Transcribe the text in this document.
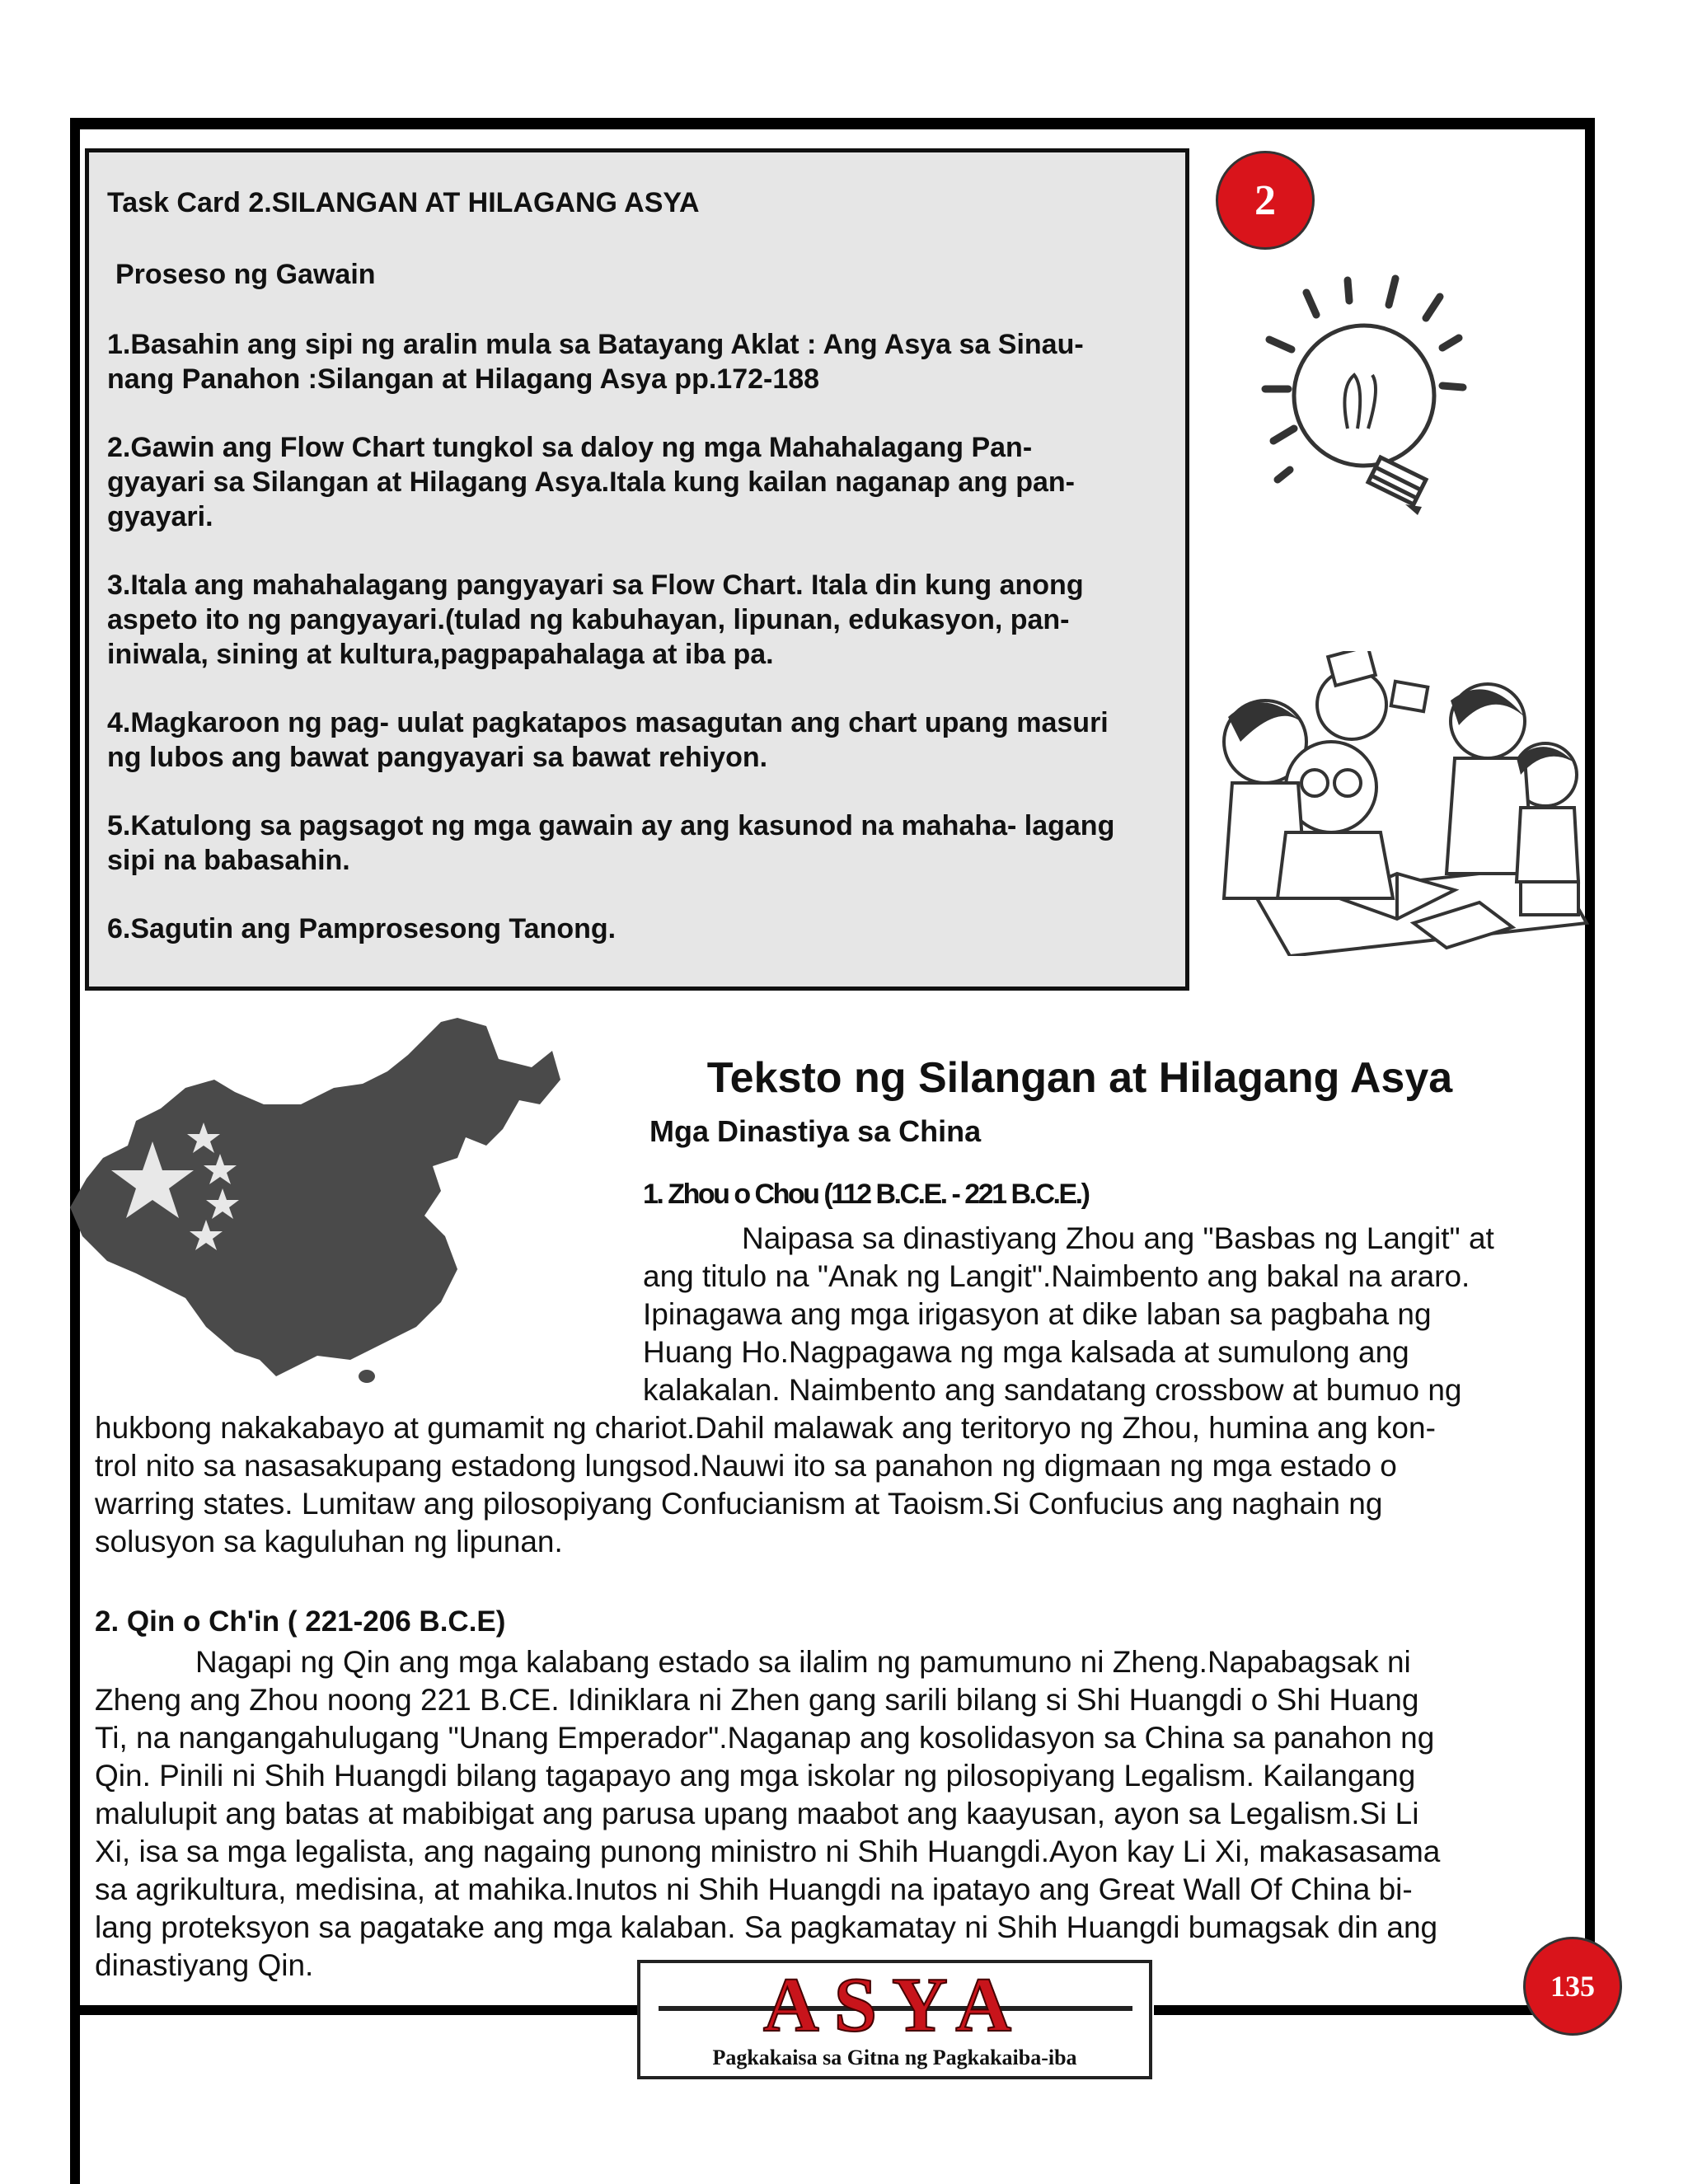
Task Card 2.SILANGAN AT HILAGANG ASYA
Proseso ng Gawain
1.Basahin ang sipi ng aralin mula sa Batayang Aklat : Ang Asya sa Sinau-
nang Panahon :Silangan at Hilagang Asya pp.172-188
2.Gawin ang Flow Chart tungkol sa daloy ng mga Mahahalagang Pan-
gyayari sa Silangan at Hilagang Asya.Itala kung kailan naganap ang pan-
gyayari.
3.Itala ang mahahalagang pangyayari sa Flow Chart. Itala din kung anong
aspeto ito ng pangyayari.(tulad ng kabuhayan, lipunan, edukasyon, pan-
iniwala, sining at kultura,pagpapahalaga at iba pa.
4.Magkaroon ng pag- uulat pagkatapos masagutan ang chart upang masuri
ng lubos ang bawat pangyayari sa bawat rehiyon.
5.Katulong sa pagsagot ng mga gawain ay ang kasunod na mahaha- lagang
sipi na babasahin.
6.Sagutin ang Pamprosesong Tanong.
2
Teksto ng Silangan at Hilagang Asya
Mga Dinastiya sa China
1. Zhou o Chou (112 B.C.E. - 221 B.C.E.)
Naipasa sa dinastiyang Zhou ang "Basbas ng Langit" at
ang titulo na "Anak ng Langit".Naimbento ang bakal na araro.
Ipinagawa ang mga irigasyon at dike laban sa pagbaha ng
Huang Ho.Nagpagawa ng mga kalsada at sumulong ang
kalakalan. Naimbento ang sandatang crossbow at bumuo ng
hukbong nakakabayo at gumamit ng chariot.Dahil malawak ang teritoryo ng Zhou, humina ang kon-
trol nito sa nasasakupang estadong lungsod.Nauwi ito sa panahon ng digmaan ng mga estado o
warring states. Lumitaw ang pilosopiyang Confucianism at Taoism.Si Confucius ang naghain ng
solusyon sa kaguluhan ng lipunan.
2. Qin o Ch'in ( 221-206 B.C.E)
Nagapi ng Qin ang mga kalabang estado sa ilalim ng pamumuno ni Zheng.Napabagsak ni
Zheng ang Zhou noong 221 B.CE. Idiniklara ni Zhen gang sarili bilang si Shi Huangdi o Shi Huang
Ti, na nangangahulugang "Unang Emperador".Naganap ang kosolidasyon sa China sa panahon ng
Qin. Pinili ni Shih Huangdi bilang tagapayo ang mga iskolar ng pilosopiyang Legalism. Kailangang
malulupit ang batas at mabibigat ang parusa upang maabot ang kaayusan, ayon sa Legalism.Si Li
Xi, isa sa mga legalista, ang nagaing punong ministro ni Shih Huangdi.Ayon kay Li Xi, makasasama
sa agrikultura, medisina, at mahika.Inutos ni Shih Huangdi na ipatayo ang Great Wall Of China bi-
lang proteksyon sa pagatake ang mga kalaban. Sa pagkamatay ni Shih Huangdi bumagsak din ang
dinastiyang Qin.	ASYA
Pagkakaisa sa Gitna ng Pagkakaiba-iba
135
